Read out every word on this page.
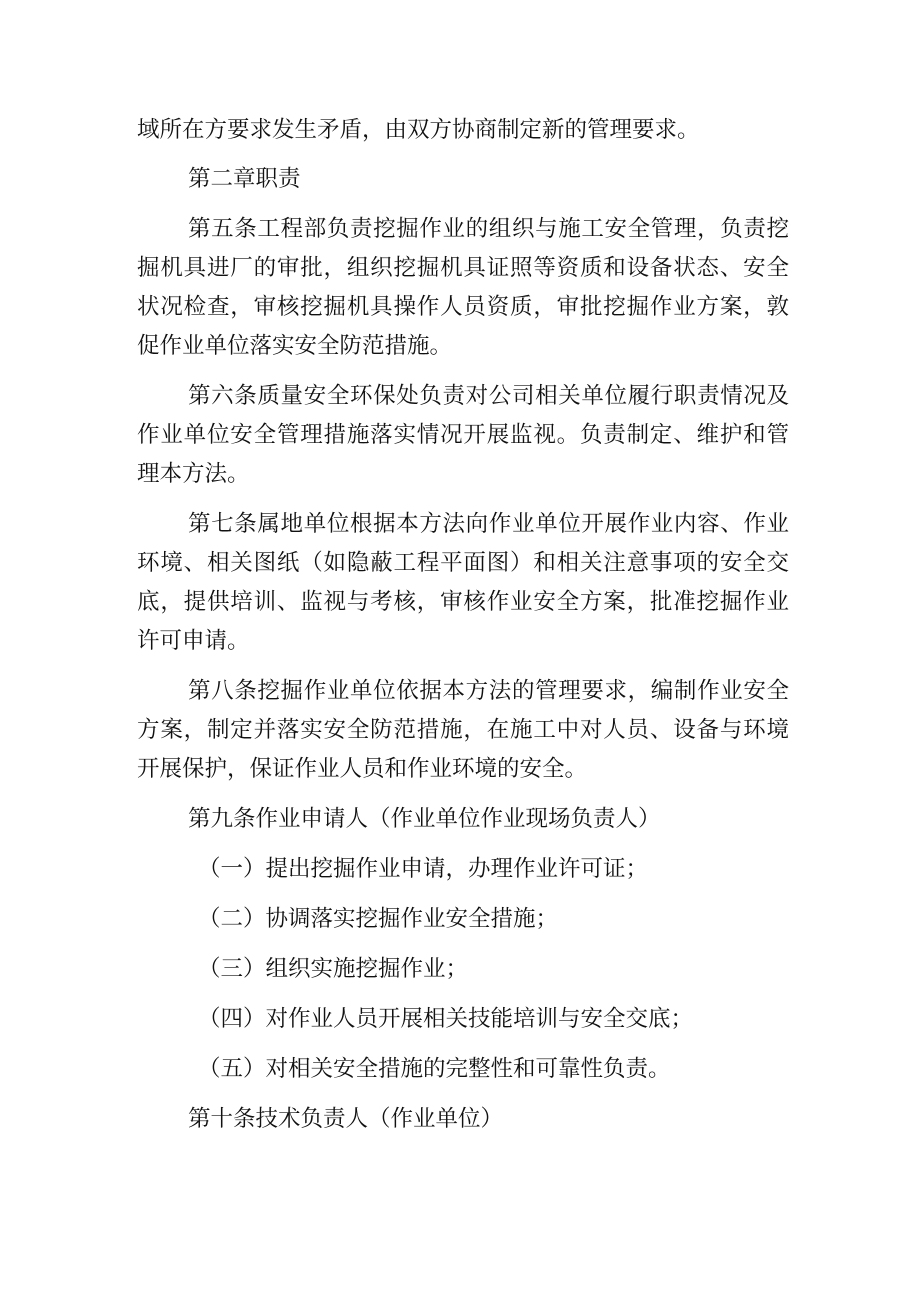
域所在方要求发生矛盾，由双方协商制定新的管理要求。
第二章职责
第五条工程部负责挖掘作业的组织与施工安全管理，负责挖
掘机具进厂的审批，组织挖掘机具证照等资质和设备状态、安全
状况检查，审核挖掘机具操作人员资质，审批挖掘作业方案，敦
促作业单位落实安全防范措施。
第六条质量安全环保处负责对公司相关单位履行职责情况及
作业单位安全管理措施落实情况开展监视。负责制定、维护和管
理本方法。
第七条属地单位根据本方法向作业单位开展作业内容、作业
环境、相关图纸（如隐蔽工程平面图）和相关注意事项的安全交
底，提供培训、监视与考核，审核作业安全方案，批准挖掘作业
许可申请。
第八条挖掘作业单位依据本方法的管理要求，编制作业安全
方案，制定并落实安全防范措施，在施工中对人员、设备与环境
开展保护，保证作业人员和作业环境的安全。
第九条作业申请人（作业单位作业现场负责人）
（一）提出挖掘作业申请，办理作业许可证；
（二）协调落实挖掘作业安全措施；
（三）组织实施挖掘作业；
（四）对作业人员开展相关技能培训与安全交底；
（五）对相关安全措施的完整性和可靠性负责。
第十条技术负责人（作业单位）
